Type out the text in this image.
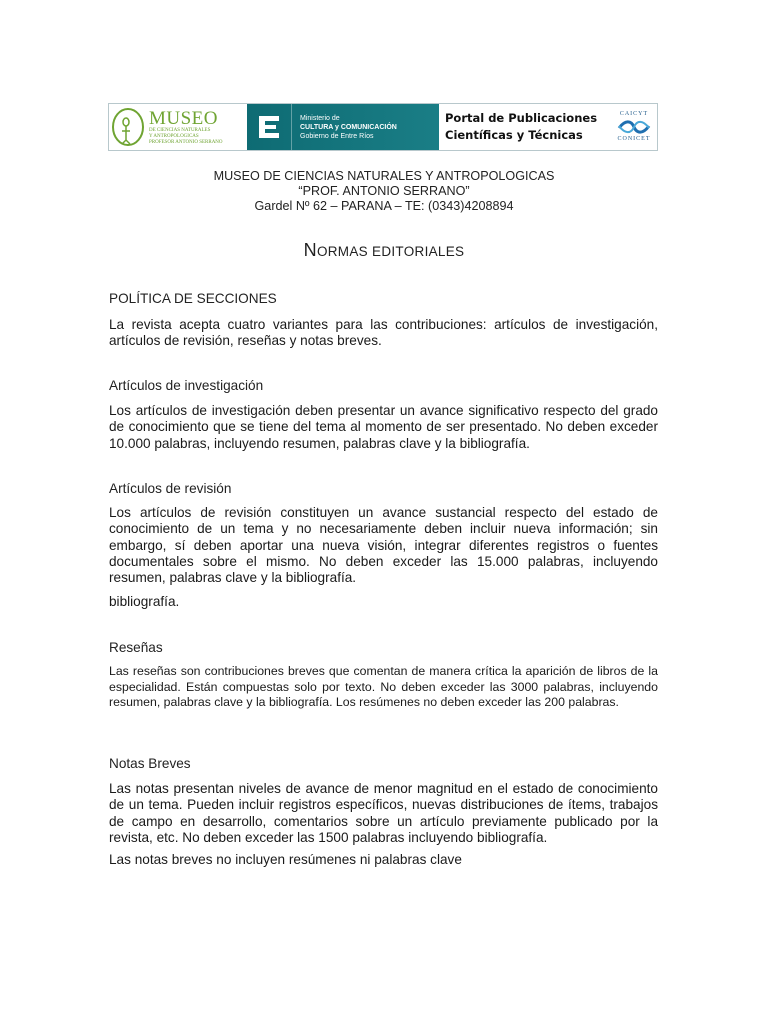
MUSEO
DE CIENCIAS NATURALES
Y ANTROPOLOGICAS
PROFESOR ANTONIO SERRANO
Ministerio de
CULTURA y COMUNICACIÓN
Gobierno de Entre Ríos
Portal de Publicaciones
Científicas y Técnicas
CAICYT
CONICET
MUSEO DE CIENCIAS NATURALES Y ANTROPOLOGICAS
“PROF. ANTONIO SERRANO”
Gardel Nº 62 – PARANA – TE: (0343)4208894
NORMAS EDITORIALES
POLÍTICA DE SECCIONES
La revista acepta cuatro variantes para las contribuciones: artículos de investigación, artículos de revisión, reseñas y notas breves.
Artículos de investigación
Los artículos de investigación deben presentar un avance significativo respecto del grado de conocimiento que se tiene del tema al momento de ser presentado. No deben exceder 10.000 palabras, incluyendo resumen, palabras clave y la bibliografía.
Artículos de revisión
Los artículos de revisión constituyen un avance sustancial respecto del estado de conocimiento de un tema y no necesariamente deben incluir nueva información; sin embargo, sí deben aportar una nueva visión, integrar diferentes registros o fuentes documentales sobre el mismo. No deben exceder las 15.000 palabras, incluyendo resumen, palabras clave y la bibliografía.
bibliografía.
Reseñas
Las reseñas son contribuciones breves que comentan de manera crítica la aparición de libros de la especialidad. Están compuestas solo por texto. No deben exceder las 3000 palabras, incluyendo resumen, palabras clave y la bibliografía. Los resúmenes no deben exceder las 200 palabras.
Notas Breves
Las notas presentan niveles de avance de menor magnitud en el estado de conocimiento de un tema. Pueden incluir registros específicos, nuevas distribuciones de ítems, trabajos de campo en desarrollo, comentarios sobre un artículo previamente publicado por la revista, etc. No deben exceder las 1500 palabras incluyendo bibliografía.
Las notas breves no incluyen resúmenes ni palabras clave
